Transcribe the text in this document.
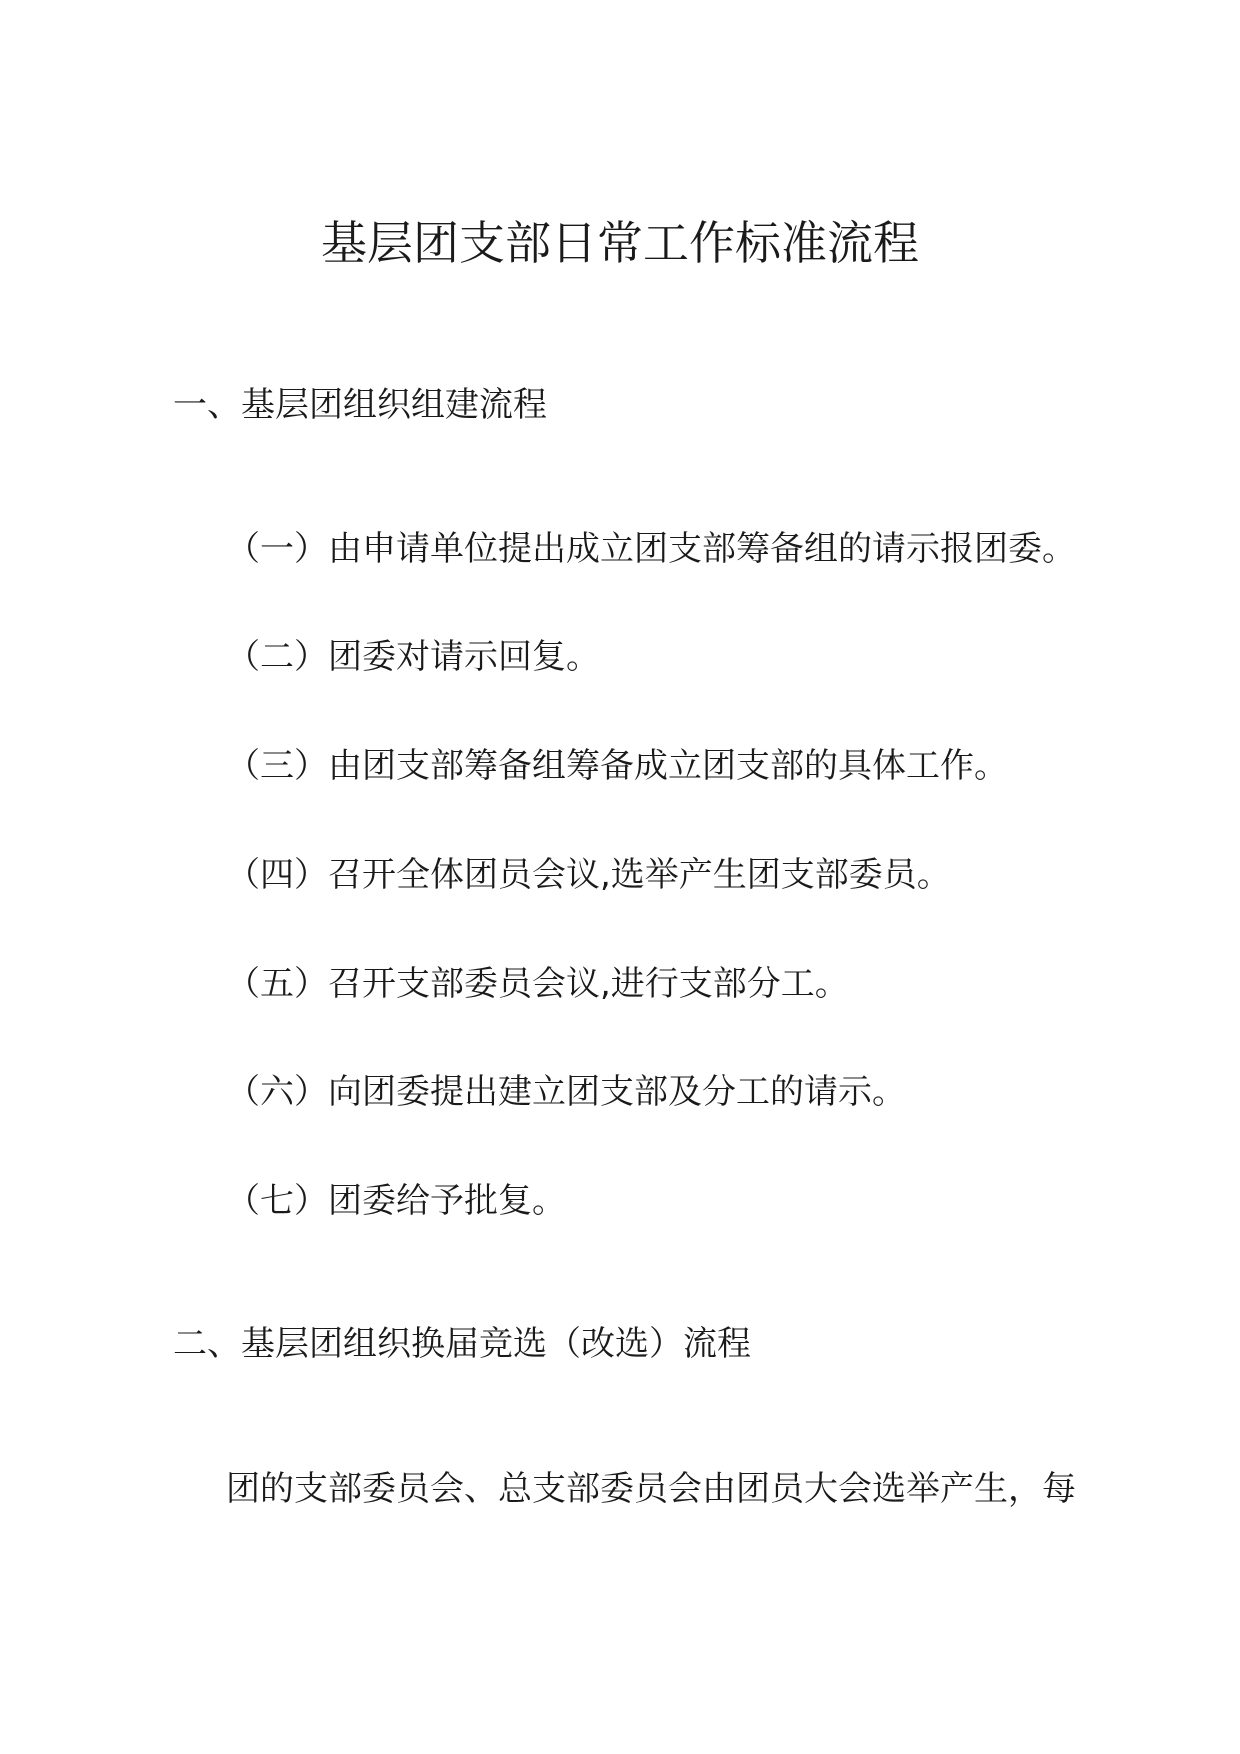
基层团支部日常工作标准流程
一、基层团组织组建流程
（一）由申请单位提出成立团支部筹备组的请示报团委。
（二）团委对请示回复。
（三）由团支部筹备组筹备成立团支部的具体工作。
（四）召开全体团员会议,选举产生团支部委员。
（五）召开支部委员会议,进行支部分工。
（六）向团委提出建立团支部及分工的请示。
（七）团委给予批复。
二、基层团组织换届竞选（改选）流程
团的支部委员会、总支部委员会由团员大会选举产生，每
